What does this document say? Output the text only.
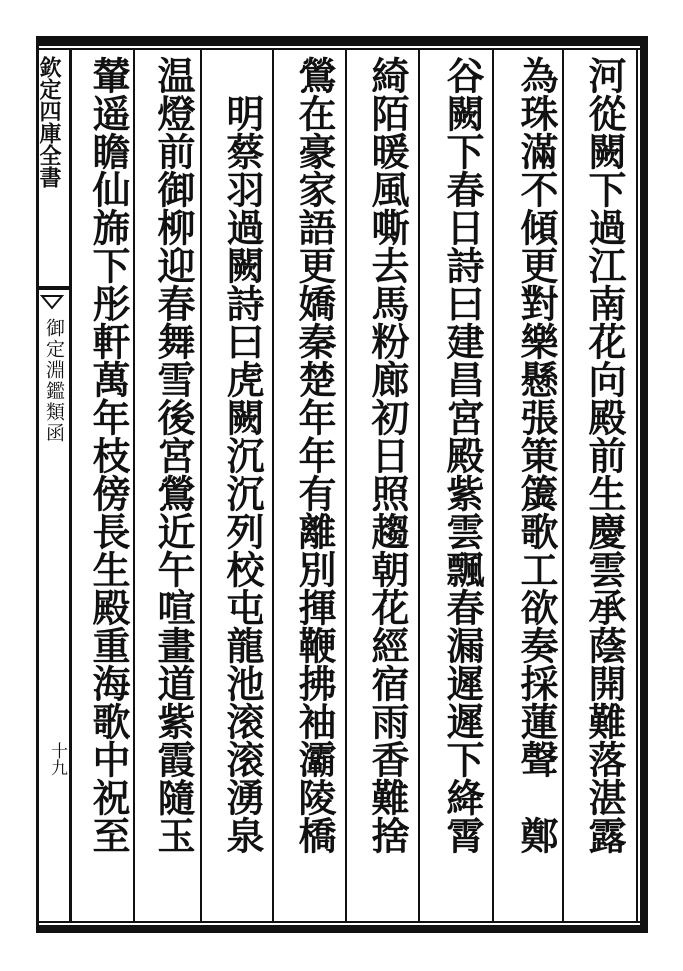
欽定四庫全書
御定淵鑑類函
十九	河從闕下過江南花向殿前生慶雲承蔭開難落湛露
為珠滿不傾更對樂懸張䇿簴歌工欲奏採蓮聲　鄭
谷闕下春日詩曰建昌宮殿紫雲飄春漏遲遲下絳霄
綺陌暖風嘶去馬粉廊初日照趨朝花經宿雨香難捨
鶯在豪家語更嬌秦楚年年有離別揮鞭拂袖灞陵橋
　明蔡羽過闕詩曰虎闕沉沉列校屯龍池滚滚湧泉
温燈前御柳迎春舞雪後宮鶯近午喧畫道紫霞隨玉
輦遥瞻仙旆下彤軒萬年枝傍長生殿重海歌中祝至
